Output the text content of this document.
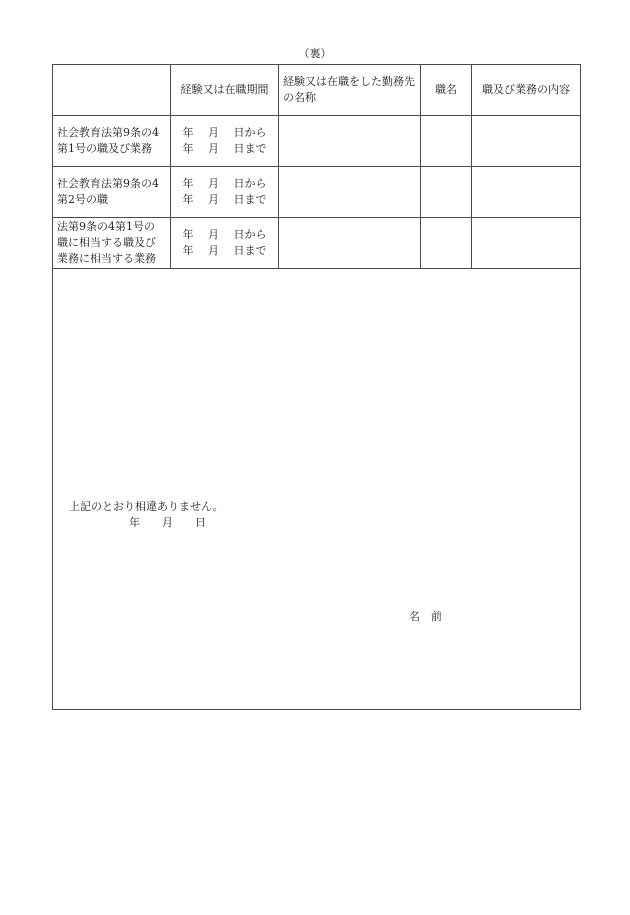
（裏）
	経験又は在職期間	経験又は在職をした勤務先の名称	職名	職及び業務の内容

社会教育法第9条の4
第1号の職及び業務	年　 月　 日から
年　 月　 日まで			

社会教育法第9条の4
第2号の職	年　 月　 日から
年　 月　 日まで			

法第9条の4第1号の
職に相当する職及び
業務に相当する業務	年　 月　 日から
年　 月　 日まで			

上記のとおり相違ありません。
年　　月　　日
名　前				
